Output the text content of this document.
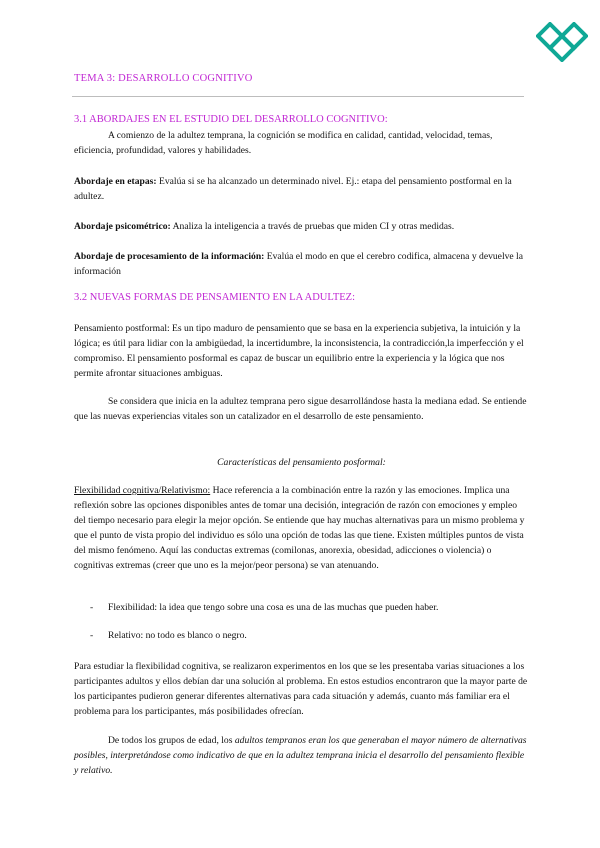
TEMA 3: DESARROLLO COGNITIVO
3.1 ABORDAJES EN EL ESTUDIO DEL DESARROLLO COGNITIVO:
A comienzo de la adultez temprana, la cognición se modifica en calidad, cantidad, velocidad, temas, eficiencia, profundidad, valores y habilidades.
Abordaje en etapas: Evalúa si se ha alcanzado un determinado nivel. Ej.: etapa del pensamiento postformal en la adultez.
Abordaje psicométrico: Analiza la inteligencia a través de pruebas que miden CI y otras medidas.
Abordaje de procesamiento de la información: Evalúa el modo en que el cerebro codifica, almacena y devuelve la información
3.2 NUEVAS FORMAS DE PENSAMIENTO EN LA ADULTEZ:
Pensamiento postformal: Es un tipo maduro de pensamiento que se basa en la experiencia subjetiva, la intuición y la lógica; es útil para lidiar con la ambigüedad, la incertidumbre, la inconsistencia, la contradicción,la imperfección y el compromiso. El pensamiento posformal es capaz de buscar un equilibrio entre la experiencia y la lógica que nos permite afrontar situaciones ambiguas.
Se considera que inicia en la adultez temprana pero sigue desarrollándose hasta la mediana edad. Se entiende que las nuevas experiencias vitales son un catalizador en el desarrollo de este pensamiento.
Características del pensamiento posformal:
Flexibilidad cognitiva/Relativismo: Hace referencia a la combinación entre la razón y las emociones. Implica una reflexión sobre las opciones disponibles antes de tomar una decisión, integración de razón con emociones y empleo del tiempo necesario para elegir la mejor opción. Se entiende que hay muchas alternativas para un mismo problema y que el punto de vista propio del individuo es sólo una opción de todas las que tiene. Existen múltiples puntos de vista del mismo fenómeno. Aquí las conductas extremas (comilonas, anorexia, obesidad, adicciones o violencia) o cognitivas extremas (creer que uno es la mejor/peor persona) se van atenuando.
- Flexibilidad: la idea que tengo sobre una cosa es una de las muchas que pueden haber.
- Relativo: no todo es blanco o negro.
Para estudiar la flexibilidad cognitiva, se realizaron experimentos en los que se les presentaba varias situaciones a los participantes adultos y ellos debían dar una solución al problema. En estos estudios encontraron que la mayor parte de los participantes pudieron generar diferentes alternativas para cada situación y además, cuanto más familiar era el problema para los participantes, más posibilidades ofrecían.
De todos los grupos de edad, los adultos tempranos eran los que generaban el mayor número de alternativas posibles, interpretándose como indicativo de que en la adultez temprana inicia el desarrollo del pensamiento flexible y relativo.
